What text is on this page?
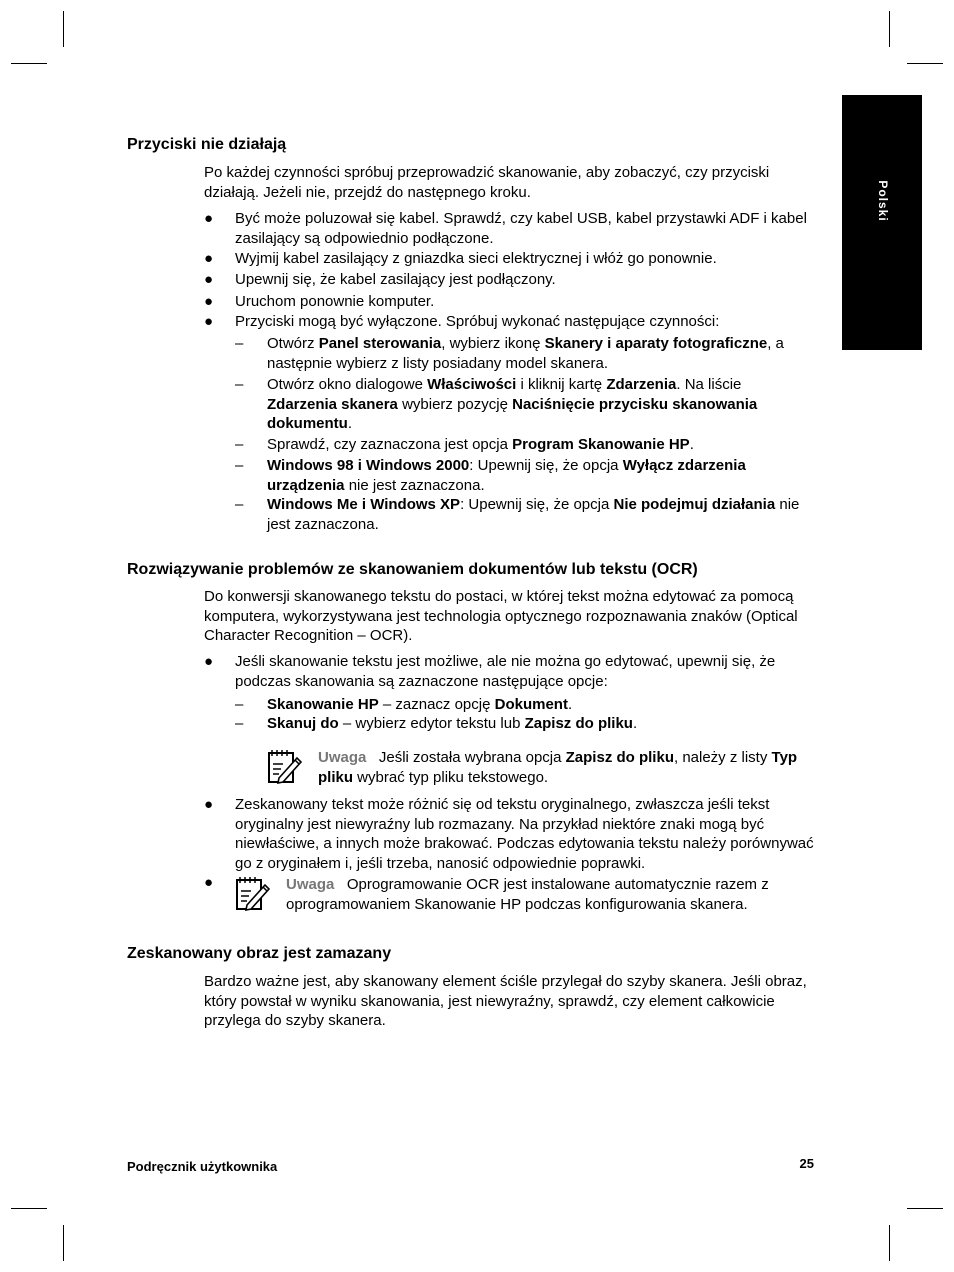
Polski
Przyciski nie działają
Po każdej czynności spróbuj przeprowadzić skanowanie, aby zobaczyć, czy przyciski działają. Jeżeli nie, przejdź do następnego kroku.
●	Być może poluzował się kabel. Sprawdź, czy kabel USB, kabel przystawki ADF i kabel zasilający są odpowiednio podłączone.
●	Wyjmij kabel zasilający z gniazdka sieci elektrycznej i włóż go ponownie.
●	Upewnij się, że kabel zasilający jest podłączony.
●	Uruchom ponownie komputer.
●	Przyciski mogą być wyłączone. Spróbuj wykonać następujące czynności:
– Otwórz Panel sterowania, wybierz ikonę Skanery i aparaty fotograficzne, a następnie wybierz z listy posiadany model skanera.
– Otwórz okno dialogowe Właściwości i kliknij kartę Zdarzenia. Na liście Zdarzenia skanera wybierz pozycję Naciśnięcie przycisku skanowania dokumentu.
– Sprawdź, czy zaznaczona jest opcja Program Skanowanie HP.
– Windows 98 i Windows 2000: Upewnij się, że opcja Wyłącz zdarzenia urządzenia nie jest zaznaczona.
– Windows Me i Windows XP: Upewnij się, że opcja Nie podejmuj działania nie jest zaznaczona.
Rozwiązywanie problemów ze skanowaniem dokumentów lub tekstu (OCR)
Do konwersji skanowanego tekstu do postaci, w której tekst można edytować za pomocą komputera, wykorzystywana jest technologia optycznego rozpoznawania znaków (Optical Character Recognition – OCR).
●	Jeśli skanowanie tekstu jest możliwe, ale nie można go edytować, upewnij się, że podczas skanowania są zaznaczone następujące opcje:
– Skanowanie HP – zaznacz opcję Dokument.
– Skanuj do – wybierz edytor tekstu lub Zapisz do pliku.
Uwaga Jeśli została wybrana opcja Zapisz do pliku, należy z listy Typ pliku wybrać typ pliku tekstowego.
●	Zeskanowany tekst może różnić się od tekstu oryginalnego, zwłaszcza jeśli tekst oryginalny jest niewyraźny lub rozmazany. Na przykład niektóre znaki mogą być niewłaściwe, a innych może brakować. Podczas edytowania tekstu należy porównywać go z oryginałem i, jeśli trzeba, nanosić odpowiednie poprawki.
●	Uwaga Oprogramowanie OCR jest instalowane automatycznie razem z oprogramowaniem Skanowanie HP podczas konfigurowania skanera.
Zeskanowany obraz jest zamazany
Bardzo ważne jest, aby skanowany element ściśle przylegał do szyby skanera. Jeśli obraz, który powstał w wyniku skanowania, jest niewyraźny, sprawdź, czy element całkowicie przylega do szyby skanera.
Podręcznik użytkownika	25
